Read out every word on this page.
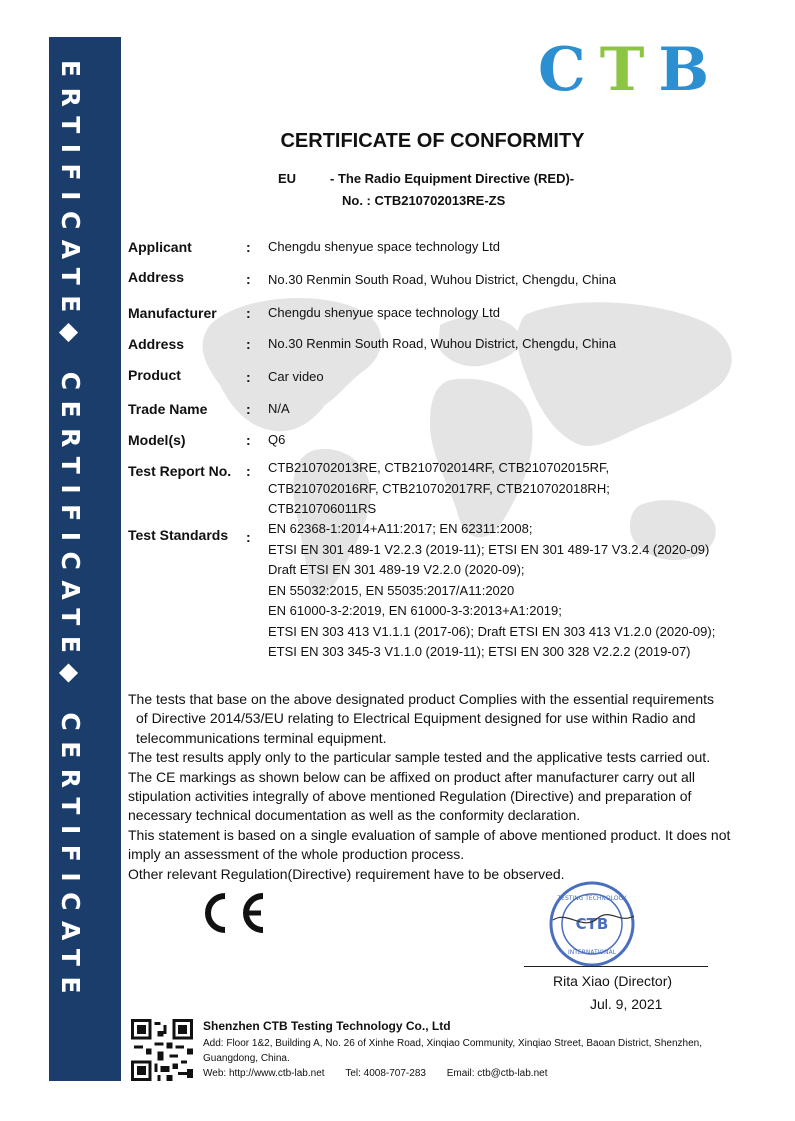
ERTIFICATE◆ CERTIFICATE◆ CERTIFICATE	CTB
CERTIFICATE OF CONFORMITY
EU	- The Radio Equipment Directive (RED)-
No. : CTB210702013RE-ZS
Applicant	: Chengdu shenyue space technology Ltd
Address	: No.30 Renmin South Road, Wuhou District, Chengdu, China
Manufacturer : Chengdu shenyue space technology Ltd
Address	: No.30 Renmin South Road, Wuhou District, Chengdu, China
Product	: Car video
Trade Name	: N/A
Model(s)	: Q6
Test Report No. : CTB210702013RE, CTB210702014RF, CTB210702015RF,
CTB210702016RF, CTB210702017RF, CTB210702018RH;
CTB210706011RS
Test Standards :
EN 62368-1:2014+A11:2017; EN 62311:2008;
ETSI EN 301 489-1 V2.2.3 (2019-11); ETSI EN 301 489-17 V3.2.4 (2020-09)
Draft ETSI EN 301 489-19 V2.2.0 (2020-09);
EN 55032:2015, EN 55035:2017/A11:2020
EN 61000-3-2:2019, EN 61000-3-3:2013+A1:2019;
ETSI EN 303 413 V1.1.1 (2017-06); Draft ETSI EN 303 413 V1.2.0 (2020-09);
ETSI EN 303 345-3 V1.1.0 (2019-11); ETSI EN 300 328 V2.2.2 (2019-07)

The tests that base on the above designated product Complies with the essential requirements

of Directive 2014/53/EU relating to Electrical Equipment designed for use within Radio and

telecommunications terminal equipment.

The test results apply only to the particular sample tested and the applicative tests carried out.

The CE markings as shown below can be affixed on product after manufacturer carry out all stipulation activities integrally of above mentioned Regulation (Directive) and preparation of necessary technical documentation as well as the conformity declaration.

This statement is based on a single evaluation of sample of above mentioned product. It does not imply an assessment of the whole production process.

Other relevant Regulation(Directive) requirement have to be observed.

CTB
TESTING TECHNOLOGY
INTERNATIONAL
Rita Xiao (Director)
Jul. 9, 2021
Shenzhen CTB Testing Technology Co., Ltd
Add: Floor 1&2, Building A, No. 26 of Xinhe Road, Xinqiao Community, Xinqiao Street, Baoan District, Shenzhen, Guangdong, China.
Web: http://www.ctb-lab.net Tel: 4008-707-283 Email: ctb@ctb-lab.net
